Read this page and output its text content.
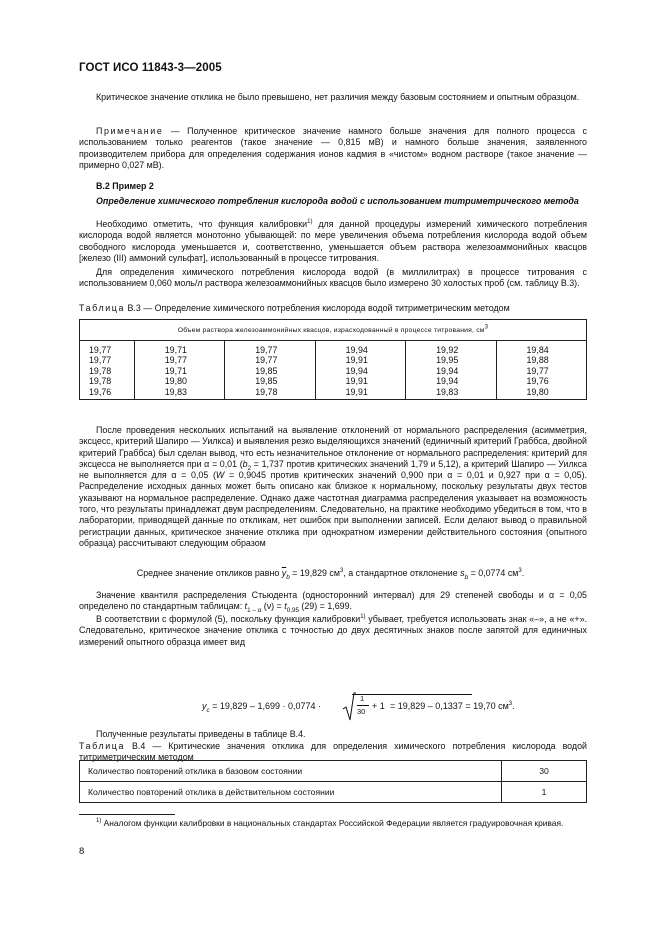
ГОСТ ИСО 11843-3—2005
Критическое значение отклика не было превышено, нет различия между базовым состоянием и опытным образцом.
Примечание — Полученное критическое значение намного больше значения для полного процесса с использованием только реагентов (такое значение — 0,815 мВ) и намного больше значения, заявленного производителем прибора для определения содержания ионов кадмия в «чистом» водном растворе (такое значение — примерно 0,027 мВ).
В.2 Пример 2
Определение химического потребления кислорода водой с использованием титриметрического метода
Необходимо отметить, что функция калибровки$^{1)}$ для данной процедуры измерений химического потребления кислорода водой является монотонно убывающей: по мере увеличения объема потребления кислорода водой объем свободного кислорода уменьшается и, соответственно, уменьшается объем раствора железоаммонийных квасцов [железо (III) аммоний сульфат], использованный в процессе титрования.
Для определения химического потребления кислорода водой (в миллилитрах) в процессе титрования с использованием 0,060 моль/л раствора железоаммонийных квасцов было измерено 30 холостых проб (см. таблицу В.3).
Таблица В.3 — Определение химического потребления кислорода водой титриметрическим методом
Объем раствора железоаммонийных квасцов, израсходованный в процессе титрования, $см^3$
19,77	19,71	19,77	19,94	19,92	19,84
19,77	19,77	19,77	19,91	19,95	19,88
19,78	19,71	19,85	19,94	19,94	19,77
19,78	19,80	19,85	19,91	19,94	19,76
19,76	19,83	19,78	19,91	19,83	19,80
После проведения нескольких испытаний на выявление отклонений от нормального распределения (асимметрия, эксцесс, критерий Шапиро — Уилкса) и выявления резко выделяющихся значений (единичный критерий Граббса, двойной критерий Граббса) был сделан вывод, что есть незначительное отклонение от нормального распределения: критерий для эксцесса не выполняется при α = 0,01 ($b_2 = 1,737$ против критических значений 1,79 и 5,12), а критерий Шапиро — Уилкса не выполняется для α = 0,05 (W = 0,9045 против критических значений 0,900 при α = 0,01 и 0,927 при α = 0,05). Распределение исходных данных может быть описано как близкое к нормальному, поскольку результаты двух тестов указывают на нормальное распределение. Однако даже частотная диаграмма распределения указывает на возможность того, что результаты принадлежат двум распределениям. Следовательно, на практике необходимо убедиться в том, что в лаборатории, приводящей данные по откликам, нет ошибок при выполнении записей. Если делают вывод о правильной регистрации данных, критическое значение отклика при однократном измерении действительного состояния (опытного образца) рассчитывают следующим образом
Среднее значение откликов равно $\overline{y}_b = 19,829$ $см^3$, а стандартное отклонение $s_b = 0,0774$ $см^3$.
Значение квантиля распределения Стьюдента (односторонний интервал) для 29 степеней свободы и α = 0,05 определено по стандартным таблицам: $t_{1 - \alpha}$ $(\nu) = t_{0,95}$ (29) = 1,699.
В соответствии с формулой (5), поскольку функция калибровки$^{1)}$ убывает, требуется использовать знак «–», а не «+». Следовательно, критическое значение отклика с точностью до двух десятичных знаков после запятой для единичных измерений опытного образца имеет вид
$y_c = 19,829 - 1,699 \cdot 0,0774$ ·
1
30
+ 1 = 19,829 – 0,1337 = 19,70 $см^3$.
Полученные результаты приведены в таблице В.4.
Таблица В.4 — Критические значения отклика для определения химического потребления кислорода водой титриметрическим методом
Количество повторений отклика в базовом состоянии	30
Количество повторений отклика в действительном состоянии	1
$^{1)}$ Аналогом функции калибровки в национальных стандартах Российской Федерации является градуировочная кривая.
8
